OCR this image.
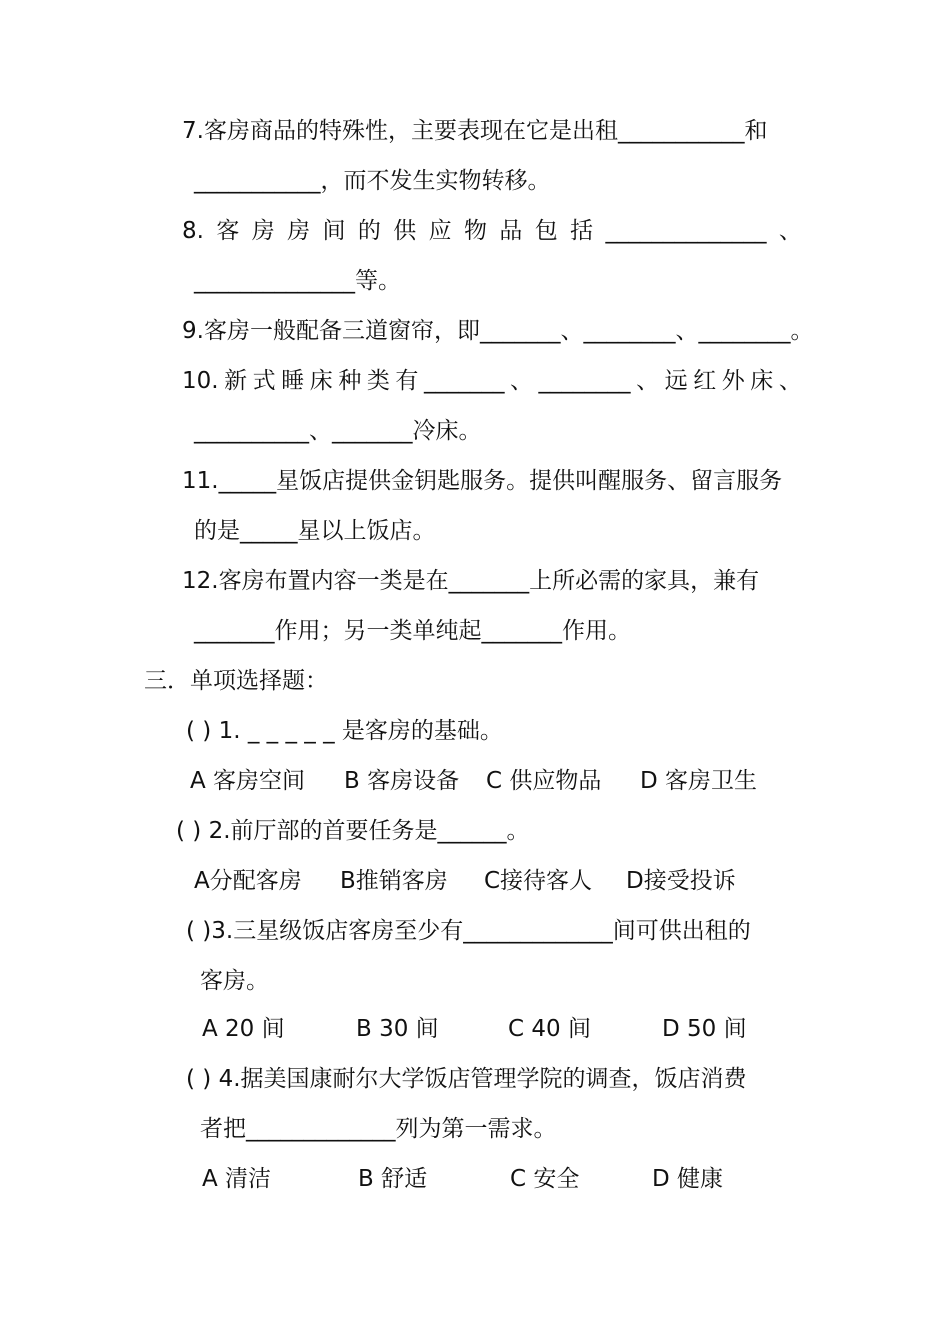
7.客房商品的特殊性，主要表现在它是出租___________和
___________，而不发生实物转移。
8. 客 房 房 间 的 供 应 物 品 包 括 ______________ 、
______________等。
9.客房一般配备三道窗帘，即_______、________、________。
10. 新 式 睡 床 种 类 有 _______ 、 ________ 、 远 红 外 床 、
__________、_______冷床。
11._____星饭店提供金钥匙服务。提供叫醒服务、留言服务
的是_____星以上饭店。
12.客房布置内容一类是在_______上所必需的家具，兼有
_______作用；另一类单纯起_______作用。
三．单项选择题：
( ) 1. _ _ _ _ _ 是客房的基础。
A 客房空间 B 客房设备 C 供应物品 D 客房卫生
( ) 2.前厅部的首要任务是______。
A分配客房 B推销客房 C接待客人 D接受投诉
( )3.三星级饭店客房至少有_____________间可供出租的
客房。
A 20 间	B 30 间	C 40 间	D 50 间
( ) 4.据美国康耐尔大学饭店管理学院的调查，饭店消费
者把_____________列为第一需求。
A 清洁	B 舒适	C 安全	D 健康
